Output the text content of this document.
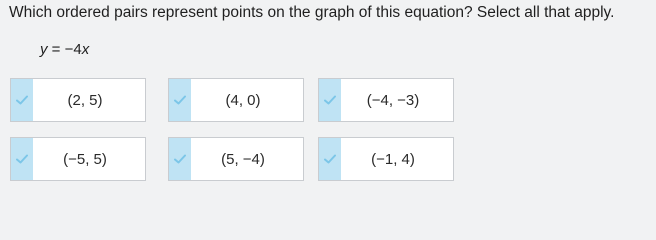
Which ordered pairs represent points on the graph of this equation? Select all that apply.
y = −4x
(2, 5)	(4, 0)	(−4, −3)
(−5, 5)	(5, −4)	(−1, 4)
